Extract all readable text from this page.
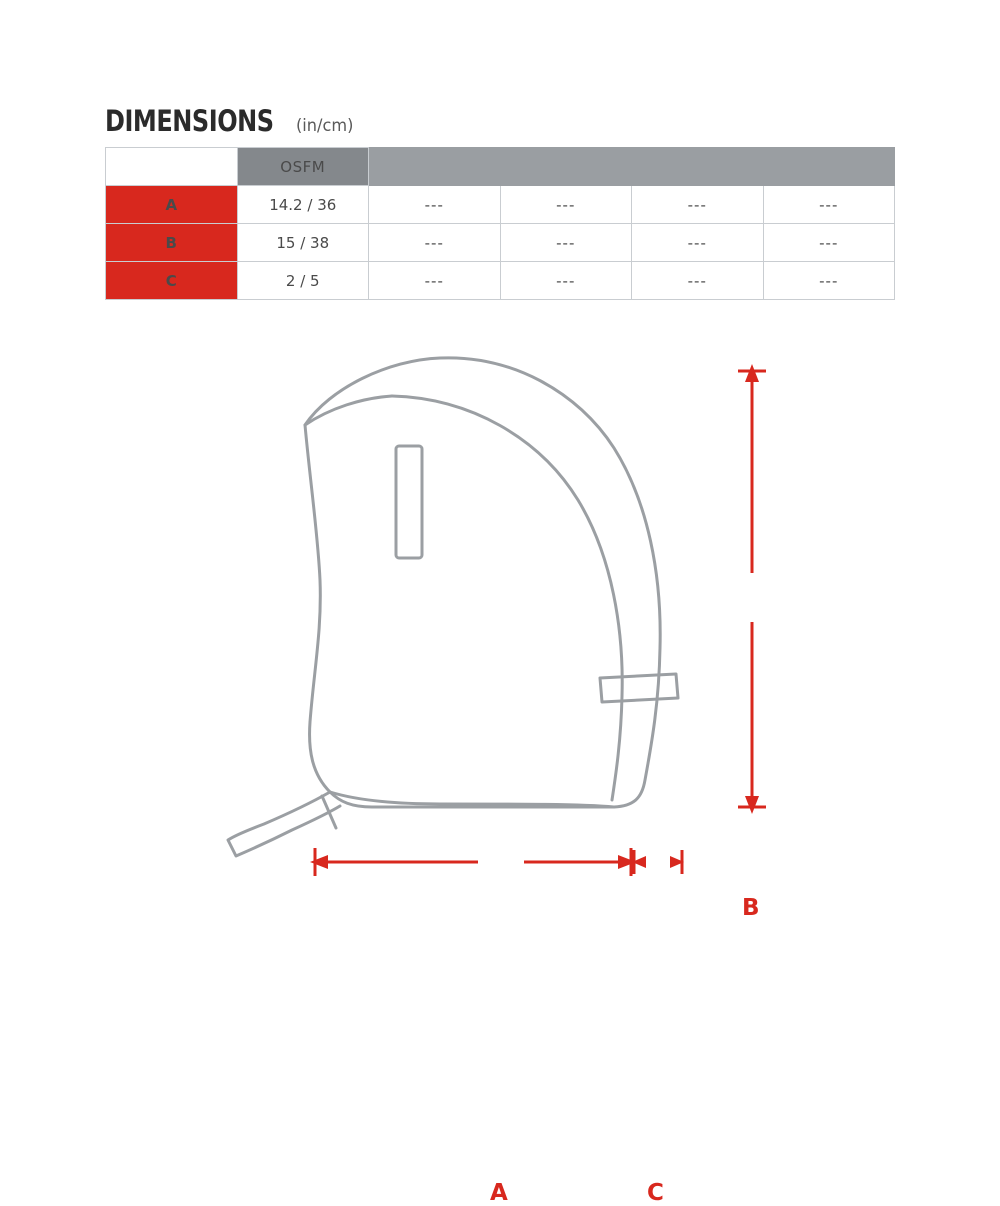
DIMENSIONS (in/cm)
	OSFM				
A	14.2 / 36	---	---	---	---
B	15 / 38	---	---	---	---
C	2 / 5	---	---	---	---
B
A	C
